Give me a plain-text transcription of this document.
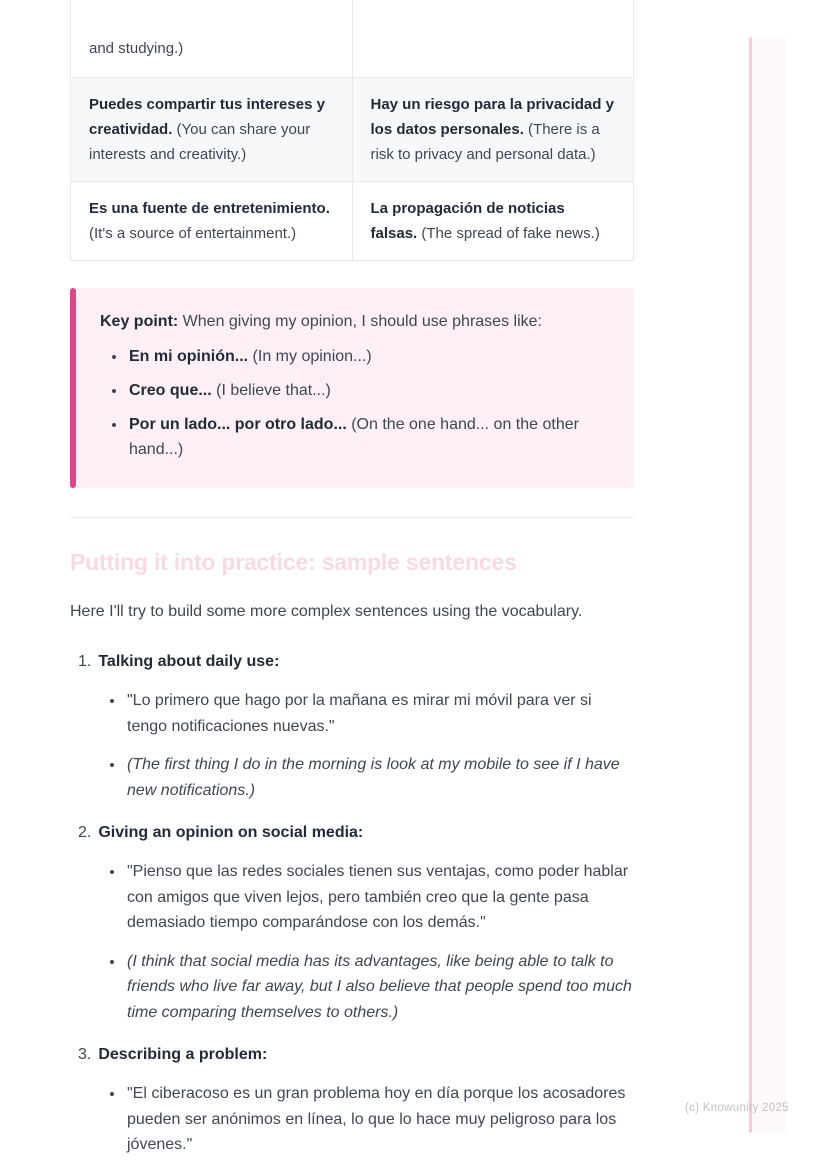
and studying.)	
Puedes compartir tus intereses y creatividad. (You can share your interests and creativity.)	Hay un riesgo para la privacidad y los datos personales. (There is a risk to privacy and personal data.)
Es una fuente de entretenimiento. (It's a source of entertainment.)	La propagación de noticias falsas. (The spread of fake news.)

Key point: When giving my opinion, I should use phrases like:

• En mi opinión... (In my opinion...)
• Creo que... (I believe that...)
• Por un lado... por otro lado... (On the one hand... on the other hand...)
Putting it into practice: sample sentences

Here I'll try to build some more complex sentences using the vocabulary.

1. Talking about daily use:

• "Lo primero que hago por la mañana es mirar mi móvil para ver si tengo notificaciones nuevas."
• (The first thing I do in the morning is look at my mobile to see if I have new notifications.)

2. Giving an opinion on social media:

• "Pienso que las redes sociales tienen sus ventajas, como poder hablar con amigos que viven lejos, pero también creo que la gente pasa demasiado tiempo comparándose con los demás."
• (I think that social media has its advantages, like being able to talk to friends who live far away, but I also believe that people spend too much time comparing themselves to others.)

3. Describing a problem:

• "El ciberacoso es un gran problema hoy en día porque los acosadores pueden ser anónimos en línea, lo que lo hace muy peligroso para los jóvenes."
(c) Knowunity 2025
